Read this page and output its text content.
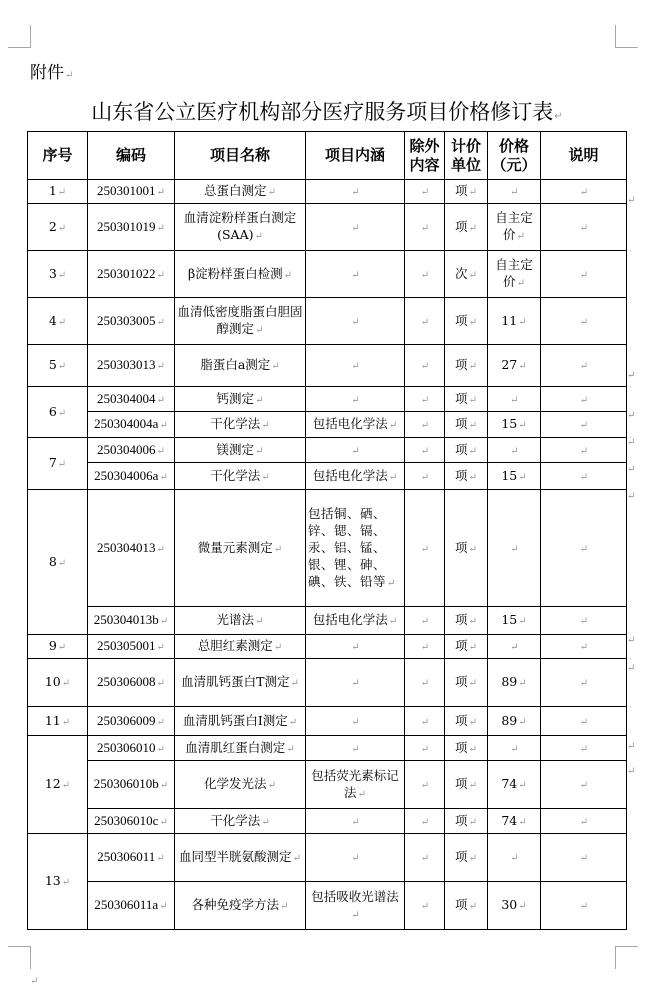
附件↵
山东省公立医疗机构部分医疗服务项目价格修订表↵
序号	编码	项目名称	项目内涵	除外内容	计价单位	价格（元）	说明
1↵	250301001↵	总蛋白测定↵	↵	↵	项↵	↵	↵
2↵	250301019↵	血清淀粉样蛋白测定(SAA)↵	↵	↵	项↵	自主定价↵	↵
3↵	250301022↵	β淀粉样蛋白检测↵	↵	↵	次↵	自主定价↵	↵
4↵	250303005↵	血清低密度脂蛋白胆固醇测定↵	↵	↵	项↵	11↵	↵
5↵	250303013↵	脂蛋白a测定↵	↵	↵	项↵	27↵	↵
6↵	250304004↵	钙测定↵	↵	↵	项↵	↵	↵
	250304004a↵	干化学法↵	包括电化学法↵	↵	项↵	15↵	↵
7↵	250304006↵	镁测定↵	↵	↵	项↵	↵	↵
	250304006a↵	干化学法↵	包括电化学法↵	↵	项↵	15↵	↵
8↵	250304013↵	微量元素测定↵	包括铜、硒、锌、锶、镉、汞、铝、锰、银、锂、砷、碘、铁、铅等↵	↵	项↵	↵	↵
	250304013b↵	光谱法↵	包括电化学法↵	↵	项↵	15↵	↵
9↵	250305001↵	总胆红素测定↵	↵	↵	项↵	↵	↵
10↵	250306008↵	血清肌钙蛋白T测定↵	↵	↵	项↵	89↵	↵
11↵	250306009↵	血清肌钙蛋白I测定↵	↵	↵	项↵	89↵	↵
12↵	250306010↵	血清肌红蛋白测定↵	↵	↵	项↵	↵	↵
	250306010b↵	化学发光法↵	包括荧光素标记法↵	↵	项↵	74↵	↵
	250306010c↵	干化学法↵	↵	↵	项↵	74↵	↵
13↵	250306011↵	血同型半胱氨酸测定↵	↵	↵	项↵	↵	↵
	250306011a↵	各种免疫学方法↵	包括吸收光谱法↵	↵	项↵	30↵	↵
↵
↵
↵
↵
↵
↵
↵
↵
↵
↵
↵
